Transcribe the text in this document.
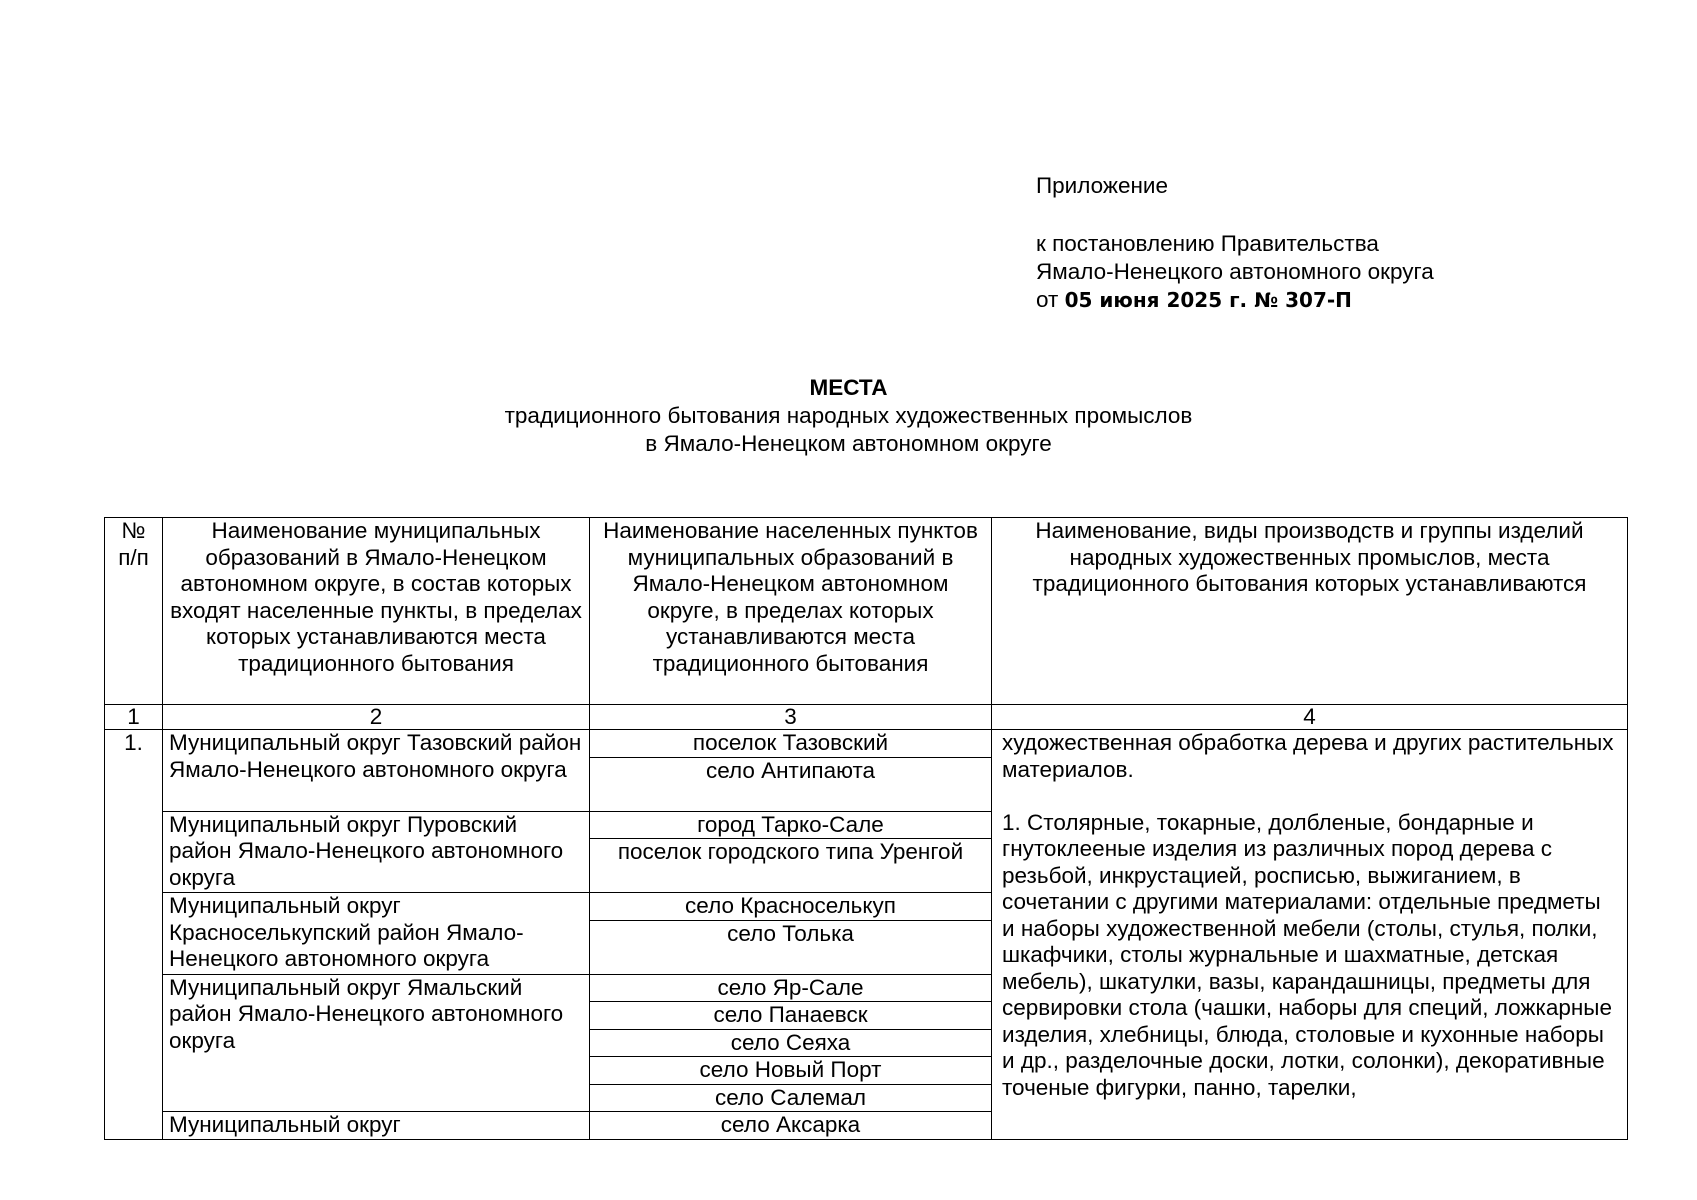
Приложение
к постановлению Правительства
Ямало-Ненецкого автономного округа
от 05 июня 2025 г. № 307-П
МЕСТА
традиционного бытования народных художественных промыслов
в Ямало-Ненецком автономном округе
№ п/п	Наименование муниципальных образований в Ямало-Ненецком автономном округе, в состав которых входят населенные пункты, в пределах которых устанавливаются места традиционного бытования	Наименование населенных пунктов муниципальных образований в Ямало-Ненецком автономном округе, в пределах которых устанавливаются места традиционного бытования	Наименование, виды производств и группы изделий народных художественных промыслов, места традиционного бытования которых устанавливаются
1	2	3	4
1.	Муниципальный округ Тазовский район Ямало-Ненецкого автономного округа	поселок Тазовский	художественная обработка дерева и других растительных материалов.

1. Столярные, токарные, долбленые, бондарные и гнутоклееные изделия из различных пород дерева с резьбой, инкрустацией, росписью, выжиганием, в сочетании с другими материалами: отдельные предметы и наборы художественной мебели (столы, стулья, полки, шкафчики, столы журнальные и шахматные, детская мебель), шкатулки, вазы, карандашницы, предметы для сервировки стола (чашки, наборы для специй, ложкарные изделия, хлебницы, блюда, столовые и кухонные наборы и др., разделочные доски, лотки, солонки), декоративные точеные фигурки, панно, тарелки,

		село Антипаюта	

	Муниципальный округ Пуровский район Ямало-Ненецкого автономного округа	город Тарко-Сале	
		поселок городского типа Уренгой	
	Муниципальный округ Красноселькупский район Ямало-Ненецкого автономного округа	село Красноселькуп	
		село Толька	
	Муниципальный округ Ямальский район Ямало-Ненецкого автономного округа	село Яр-Сале	
		село Панаевск	
		село Сеяха	
		село Новый Порт	
		село Салемал	
	Муниципальный округ	село Аксарка	
